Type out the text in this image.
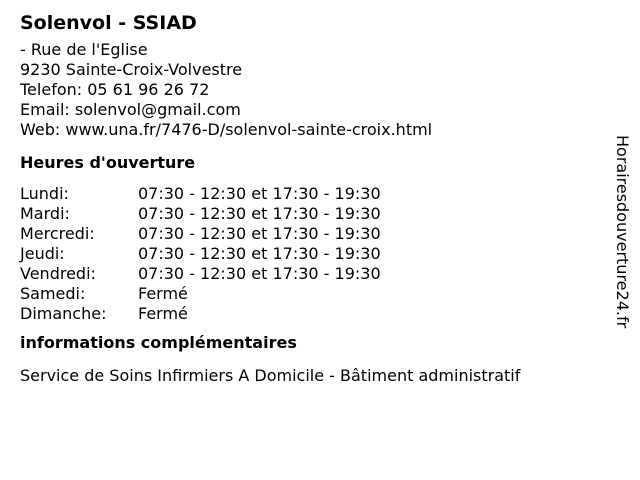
Solenvol - SSIAD
- Rue de l'Eglise
9230 Sainte-Croix-Volvestre
Telefon: 05 61 96 26 72
Email: solenvol@gmail.com
Web: www.una.fr/7476-D/solenvol-sainte-croix.html
Heures d'ouverture
Lundi:	07:30 - 12:30 et 17:30 - 19:30
Mardi:	07:30 - 12:30 et 17:30 - 19:30
Mercredi:	07:30 - 12:30 et 17:30 - 19:30
Jeudi:	07:30 - 12:30 et 17:30 - 19:30
Vendredi:	07:30 - 12:30 et 17:30 - 19:30
Samedi:	Fermé
Dimanche:	Fermé
informations complémentaires
Service de Soins Infirmiers A Domicile - Bâtiment administratif
Horairesdouverture24.fr
